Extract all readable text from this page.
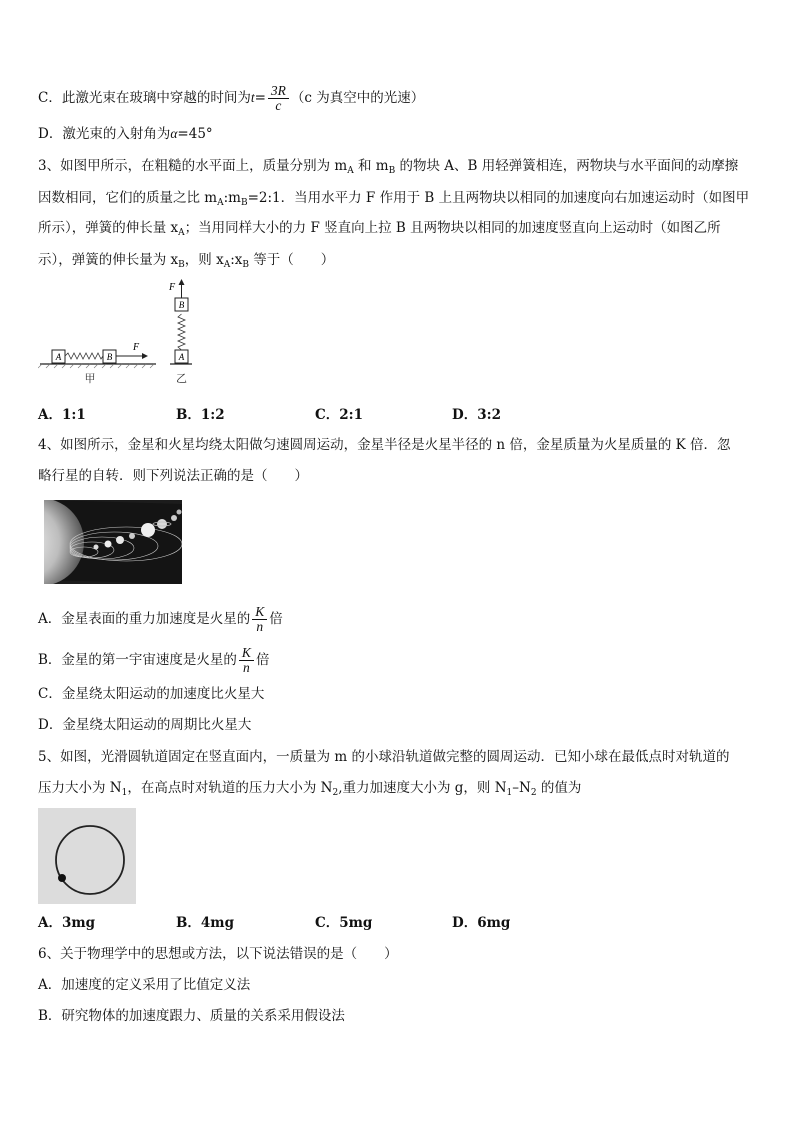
C．此激光束在玻璃中穿越的时间为$t= \frac{3R}{c} (c$ 为真空中的光速）
D．激光束的入射角为α=45°
3、如图甲所示，在粗糙的水平面上，质量分别为 $m_A$ 和 $m_B$ 的物块 A、B 用轻弹簧相连，两物块与水平面间的动摩擦
因数相同，它们的质量之比 $m_A:m_B=2:1$．当用水平力 F 作用于 B 上且两物块以相同的加速度向右加速运动时（如图甲
所示），弹簧的伸长量 $x_A$；当用同样大小的力 F 竖直向上拉 B 且两物块以相同的加速度竖直向上运动时（如图乙所
示），弹簧的伸长量为 $x_B$，则 $x_A:x_B$ 等于（　　）
A	B
F
甲
A
B
F
乙
A．1:1	B．1:2	C．2:1	D．3:2
4、如图所示，金星和火星均绕太阳做匀速圆周运动，金星半径是火星半径的 n 倍，金星质量为火星质量的 K 倍．忽
略行星的自转．则下列说法正确的是（　　）
A．金星表面的重力加速度是火星的 $\frac{K}{n}$ 倍
B．金星的第一宇宙速度是火星的 $\frac{K}{n}$ 倍
C．金星绕太阳运动的加速度比火星大
D．金星绕太阳运动的周期比火星大
5、如图，光滑圆轨道固定在竖直面内，一质量为 m 的小球沿轨道做完整的圆周运动．已知小球在最低点时对轨道的
压力大小为 $N_1$，在高点时对轨道的压力大小为 $N_2$,重力加速度大小为 g，则 $N_1-N_2$ 的值为
A．3mg	B．4mg	C．5mg	D．6mg
6、关于物理学中的思想或方法，以下说法错误的是（　　）
A．加速度的定义采用了比值定义法
B．研究物体的加速度跟力、质量的关系采用假设法
